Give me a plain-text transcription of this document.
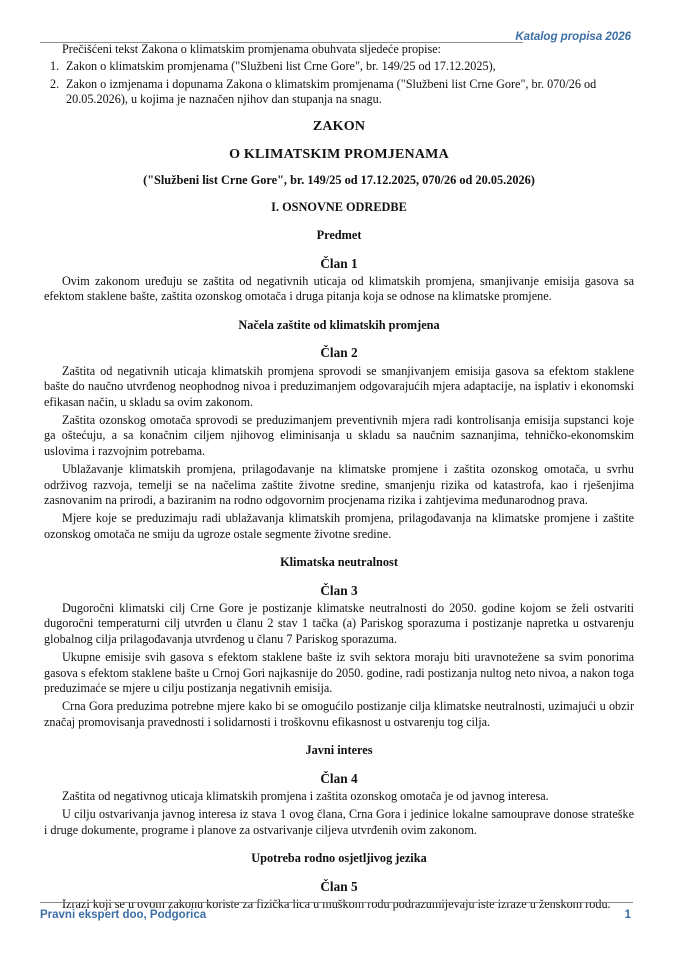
Katalog propisa 2026
Prečišćeni tekst Zakona o klimatskim promjenama obuhvata sljedeće propise:
1. Zakon o klimatskim promjenama ("Službeni list Crne Gore", br. 149/25 od 17.12.2025),
2. Zakon o izmjenama i dopunama Zakona o klimatskim promjenama ("Službeni list Crne Gore", br. 070/26 od 20.05.2026), u kojima je naznačen njihov dan stupanja na snagu.
ZAKON
O KLIMATSKIM PROMJENAMA
("Službeni list Crne Gore", br. 149/25 od 17.12.2025, 070/26 od 20.05.2026)
I. OSNOVNE ODREDBE
Predmet
Član 1

Ovim zakonom uređuju se zaštita od negativnih uticaja od klimatskih promjena, smanjivanje emisija gasova sa efektom staklene bašte, zaštita ozonskog omotača i druga pitanja koja se odnose na klimatske promjene.

Načela zaštite od klimatskih promjena
Član 2

Zaštita od negativnih uticaja klimatskih promjena sprovodi se smanjivanjem emisija gasova sa efektom staklene bašte do naučno utvrđenog neophodnog nivoa i preduzimanjem odgovarajućih mjera adaptacije, na isplativ i ekonomski efikasan način, u skladu sa ovim zakonom.

Zaštita ozonskog omotača sprovodi se preduzimanjem preventivnih mjera radi kontrolisanja emisija supstanci koje ga oštećuju, a sa konačnim ciljem njihovog eliminisanja u skladu sa naučnim saznanjima, tehničko-ekonomskim uslovima i razvojnim potrebama.

Ublažavanje klimatskih promjena, prilagođavanje na klimatske promjene i zaštita ozonskog omotača, u svrhu održivog razvoja, temelji se na načelima zaštite životne sredine, smanjenju rizika od katastrofa, kao i rješenjima zasnovanim na prirodi, a baziranim na rodno odgovornim procjenama rizika i zahtjevima međunarodnog prava.

Mjere koje se preduzimaju radi ublažavanja klimatskih promjena, prilagođavanja na klimatske promjene i zaštite ozonskog omotača ne smiju da ugroze ostale segmente životne sredine.

Klimatska neutralnost
Član 3

Dugoročni klimatski cilj Crne Gore je postizanje klimatske neutralnosti do 2050. godine kojom se želi ostvariti dugoročni temperaturni cilj utvrđen u članu 2 stav 1 tačka (a) Pariskog sporazuma i postizanje napretka u ostvarenju globalnog cilja prilagođavanja utvrđenog u članu 7 Pariskog sporazuma.

Ukupne emisije svih gasova s efektom staklene bašte iz svih sektora moraju biti uravnotežene sa svim ponorima gasova s efektom staklene bašte u Crnoj Gori najkasnije do 2050. godine, radi postizanja nultog neto nivoa, a nakon toga preduzimaće se mjere u cilju postizanja negativnih emisija.

Crna Gora preduzima potrebne mjere kako bi se omogućilo postizanje cilja klimatske neutralnosti, uzimajući u obzir značaj promovisanja pravednosti i solidarnosti i troškovnu efikasnost u ostvarenju tog cilja.

Javni interes
Član 4

Zaštita od negativnog uticaja klimatskih promjena i zaštita ozonskog omotača je od javnog interesa.

U cilju ostvarivanja javnog interesa iz stava 1 ovog člana, Crna Gora i jedinice lokalne samouprave donose strateške i druge dokumente, programe i planove za ostvarivanje ciljeva utvrđenih ovim zakonom.

Upotreba rodno osjetljivog jezika
Član 5

Izrazi koji se u ovom zakonu koriste za fizička lica u muškom rodu podrazumijevaju iste izraze u ženskom rodu.

Pravni ekspert doo, Podgorica	1
